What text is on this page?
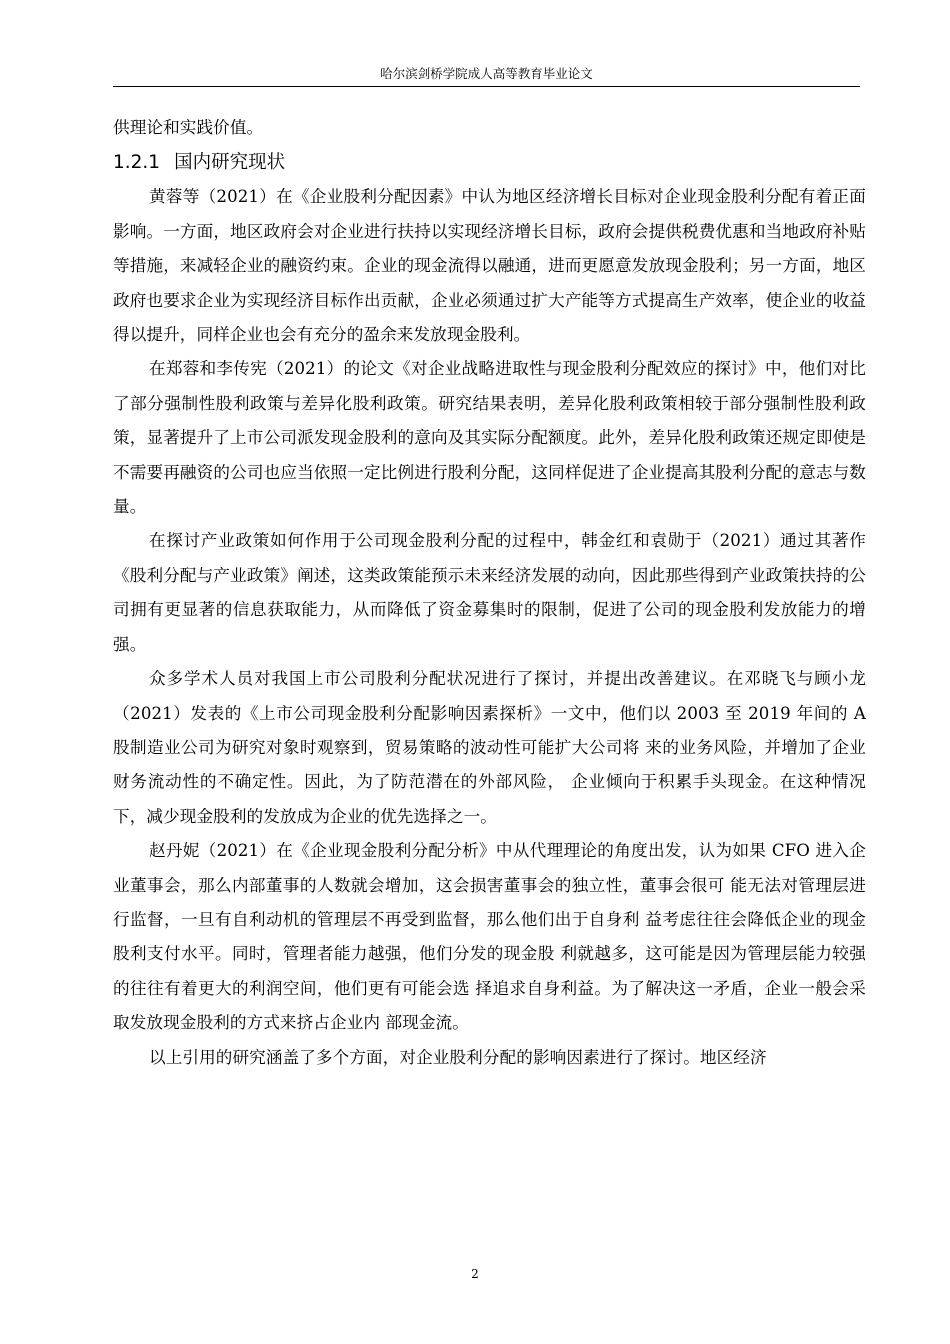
哈尔滨剑桥学院成人高等教育毕业论文

供理论和实践价值。

1.2.1 国内研究现状

黄蓉等（2021）在《企业股利分配因素》中认为地区经济增长目标对企业现金股利分配有着正面影响。一方面，地区政府会对企业进行扶持以实现经济增长目标，政府会提供税费优惠和当地政府补贴等措施，来减轻企业的融资约束。企业的现金流得以融通，进而更愿意发放现金股利；另一方面，地区政府也要求企业为实现经济目标作出贡献，企业必须通过扩大产能等方式提高生产效率，使企业的收益得以提升，同样企业也会有充分的盈余来发放现金股利。

在郑蓉和李传宪（2021）的论文《对企业战略进取性与现金股利分配效应的探讨》中，他们对比了部分强制性股利政策与差异化股利政策。研究结果表明，差异化股利政策相较于部分强制性股利政策，显著提升了上市公司派发现金股利的意向及其实际分配额度。此外，差异化股利政策还规定即使是不需要再融资的公司也应当依照一定比例进行股利分配，这同样促进了企业提高其股利分配的意志与数量。

在探讨产业政策如何作用于公司现金股利分配的过程中，韩金红和袁勋于（2021）通过其著作《股利分配与产业政策》阐述，这类政策能预示未来经济发展的动向，因此那些得到产业政策扶持的公司拥有更显著的信息获取能力，从而降低了资金募集时的限制，促进了公司的现金股利发放能力的增强。

众多学术人员对我国上市公司股利分配状况进行了探讨，并提出改善建议。在邓晓飞与顾小龙（2021）发表的《上市公司现金股利分配影响因素探析》一文中，他们以 2003 至 2019 年间的 A 股制造业公司为研究对象时观察到，贸易策略的波动性可能扩大公司将 来的业务风险，并增加了企业财务流动性的不确定性。因此，为了防范潜在的外部风险， 企业倾向于积累手头现金。在这种情况下，减少现金股利的发放成为企业的优先选择之一。

赵丹妮（2021）在《企业现金股利分配分析》中从代理理论的角度出发，认为如果 CFO 进入企业董事会，那么内部董事的人数就会增加，这会损害董事会的独立性，董事会很可 能无法对管理层进行监督，一旦有自利动机的管理层不再受到监督，那么他们出于自身利 益考虑往往会降低企业的现金股利支付水平。同时，管理者能力越强，他们分发的现金股 利就越多，这可能是因为管理层能力较强的往往有着更大的利润空间，他们更有可能会选 择追求自身利益。为了解决这一矛盾，企业一般会采取发放现金股利的方式来挤占企业内 部现金流。

以上引用的研究涵盖了多个方面，对企业股利分配的影响因素进行了探讨。地区经济

2
